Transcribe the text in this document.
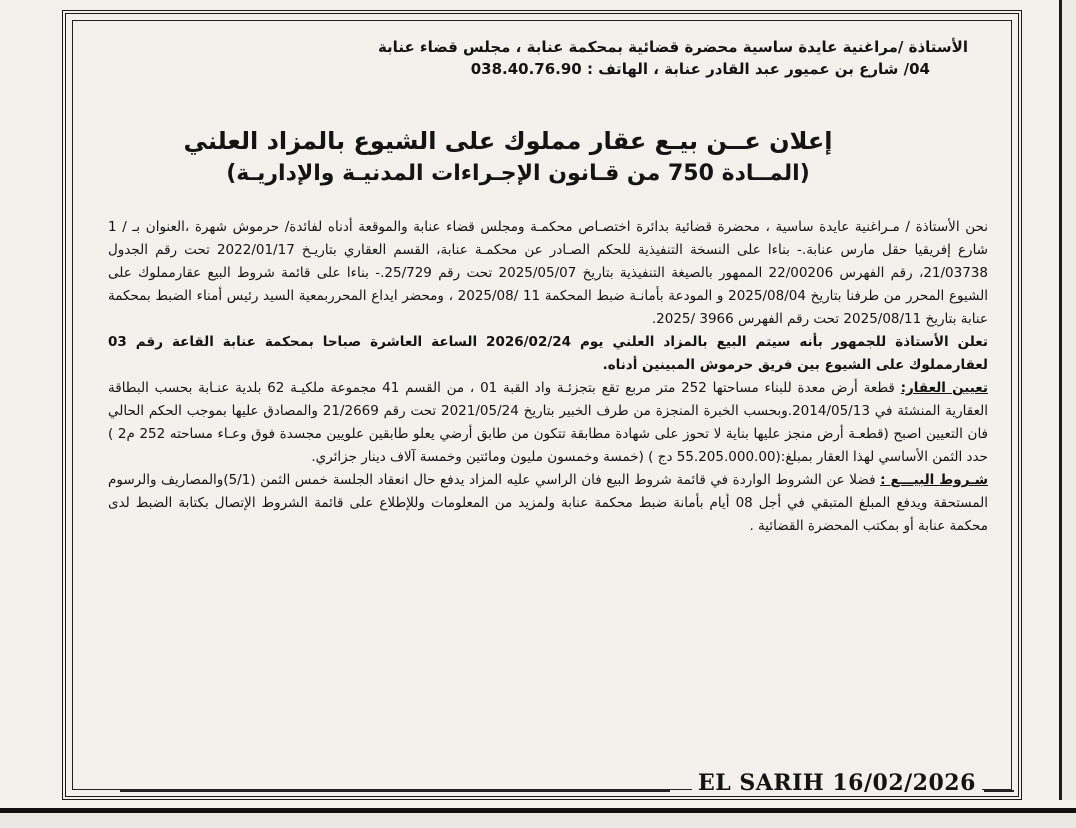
الأستاذة /مراغنية عايدة ساسية محضرة قضائية بمحكمة عنابة ، مجلس قضاء عنابة
04/ شارع بن عميور عبد القادر عنابة ، الهاتف : 038.40.76.90
إعلان عــن بيـع عقار مملوك على الشيوع بالمزاد العلني
(المــادة 750 من قـانون الإجـراءات المدنيـة والإداريـة)

نحن الأستاذة / مـراغنية عايدة ساسية ، محضرة قضائية بدائرة اختصـاص محكمـة ومجلس قضاء عنابة والموقعة أدناه لفائدة/ حرموش شهرة ،العنوان بـ / 1 شارع إفريقيا حقل مارس عنابة.- بناءا على النسخة التنفيذية للحكم الصـادر عن محكمـة عنابة، القسم العقاري بتاريـخ 2022/01/17 تحت رقم الجدول 21/03738، رقم الفهرس 22/00206 الممهور بالصيغة التنفيذية بتاريخ 2025/05/07 تحت رقم 25/729.- بناءا على قائمة شروط البيع عقارمملوك على الشيوع المحرر من طرفنا بتاريخ 2025/08/04 و المودعة بأمانـة ضبط المحكمة 11 /2025/08 ، ومحضر ايداع المحرربمعية السيد رئيس أمناء الضبط بمحكمة عنابة بتاريخ 2025/08/11 تحت رقم الفهرس 3966 /2025.

تعلن الأستاذة للجمهور بأنه سيتم البيع بالمزاد العلني يوم 2026/02/24 الساعة العاشرة صباحا بمحكمة عنابة القاعة رقم 03 لعقارمملوك على الشيوع بين فريق حرموش المبينين أدناه.

تعيين العقار: قطعة أرض معدة للبناء مساحتها 252 متر مربع تقع بتجزئـة واد القبة 01 ، من القسم 41 مجموعة ملكيـة 62 بلدية عنـابة بحسب البطاقة العقارية المنشئة في 2014/05/13.وبحسب الخبرة المنجزة من طرف الخبير بتاريخ 2021/05/24 تحت رقم 21/2669 والمصادق عليها بموجب الحكم الحالي فان التعيين اصبح (قطعـة أرض منجز عليها بناية لا تحوز على شهادة مطابقة تتكون من طابق أرضي يعلو طابقين علويين مجسدة فوق وعـاء مساحته 252 م2 ) حدد الثمن الأساسي لهذا العقار بمبلغ:(55.205.000.00 دج ) (خمسة وخمسون مليون ومائتين وخمسة آلاف دينار جزائري.

شـروط البيـــع : فضلا عن الشروط الواردة في قائمة شروط البيع فان الراسي عليه المزاد يدفع حال انعقاد الجلسة خمس الثمن (5/1)والمصاريف والرسوم المستحقة ويدفع المبلغ المتبقي في أجل 08 أيام بأمانة ضبط محكمة عنابة ولمزيد من المعلومات وللإطلاع على قائمة الشروط الإتصال بكتابة الضبط لدى محكمة عنابة أو بمكتب المحضرة القضائية .

EL SARIH 16/02/2026
